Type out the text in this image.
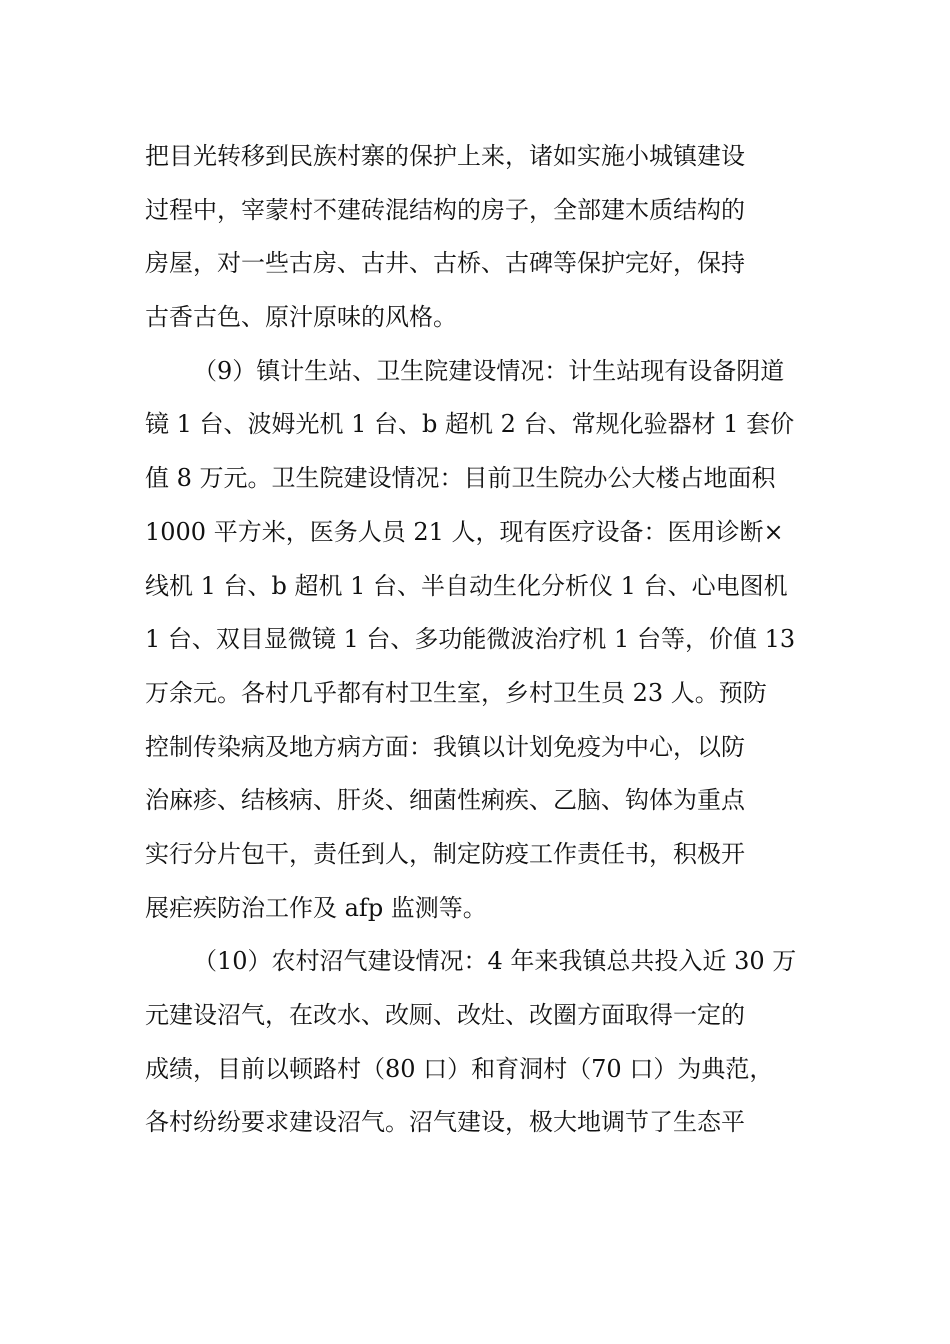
把目光转移到民族村寨的保护上来，诸如实施小城镇建设
过程中，宰蒙村不建砖混结构的房子，全部建木质结构的
房屋，对一些古房、古井、古桥、古碑等保护完好，保持
古香古色、原汁原味的风格。
（9）镇计生站、卫生院建设情况：计生站现有设备阴道
镜 1 台、波姆光机 1 台、b 超机 2 台、常规化验器材 1 套价
值 8 万元。卫生院建设情况：目前卫生院办公大楼占地面积
1000 平方米，医务人员 21 人，现有医疗设备：医用诊断×
线机 1 台、b 超机 1 台、半自动生化分析仪 1 台、心电图机
1 台、双目显微镜 1 台、多功能微波治疗机 1 台等，价值 13
万余元。各村几乎都有村卫生室，乡村卫生员 23 人。预防
控制传染病及地方病方面：我镇以计划免疫为中心，以防
治麻疹、结核病、肝炎、细菌性痢疾、乙脑、钩体为重点
实行分片包干，责任到人，制定防疫工作责任书，积极开
展疟疾防治工作及 afp 监测等。
（10）农村沼气建设情况：4 年来我镇总共投入近 30 万
元建设沼气，在改水、改厕、改灶、改圈方面取得一定的
成绩，目前以顿路村（80 口）和育洞村（70 口）为典范，
各村纷纷要求建设沼气。沼气建设，极大地调节了生态平
